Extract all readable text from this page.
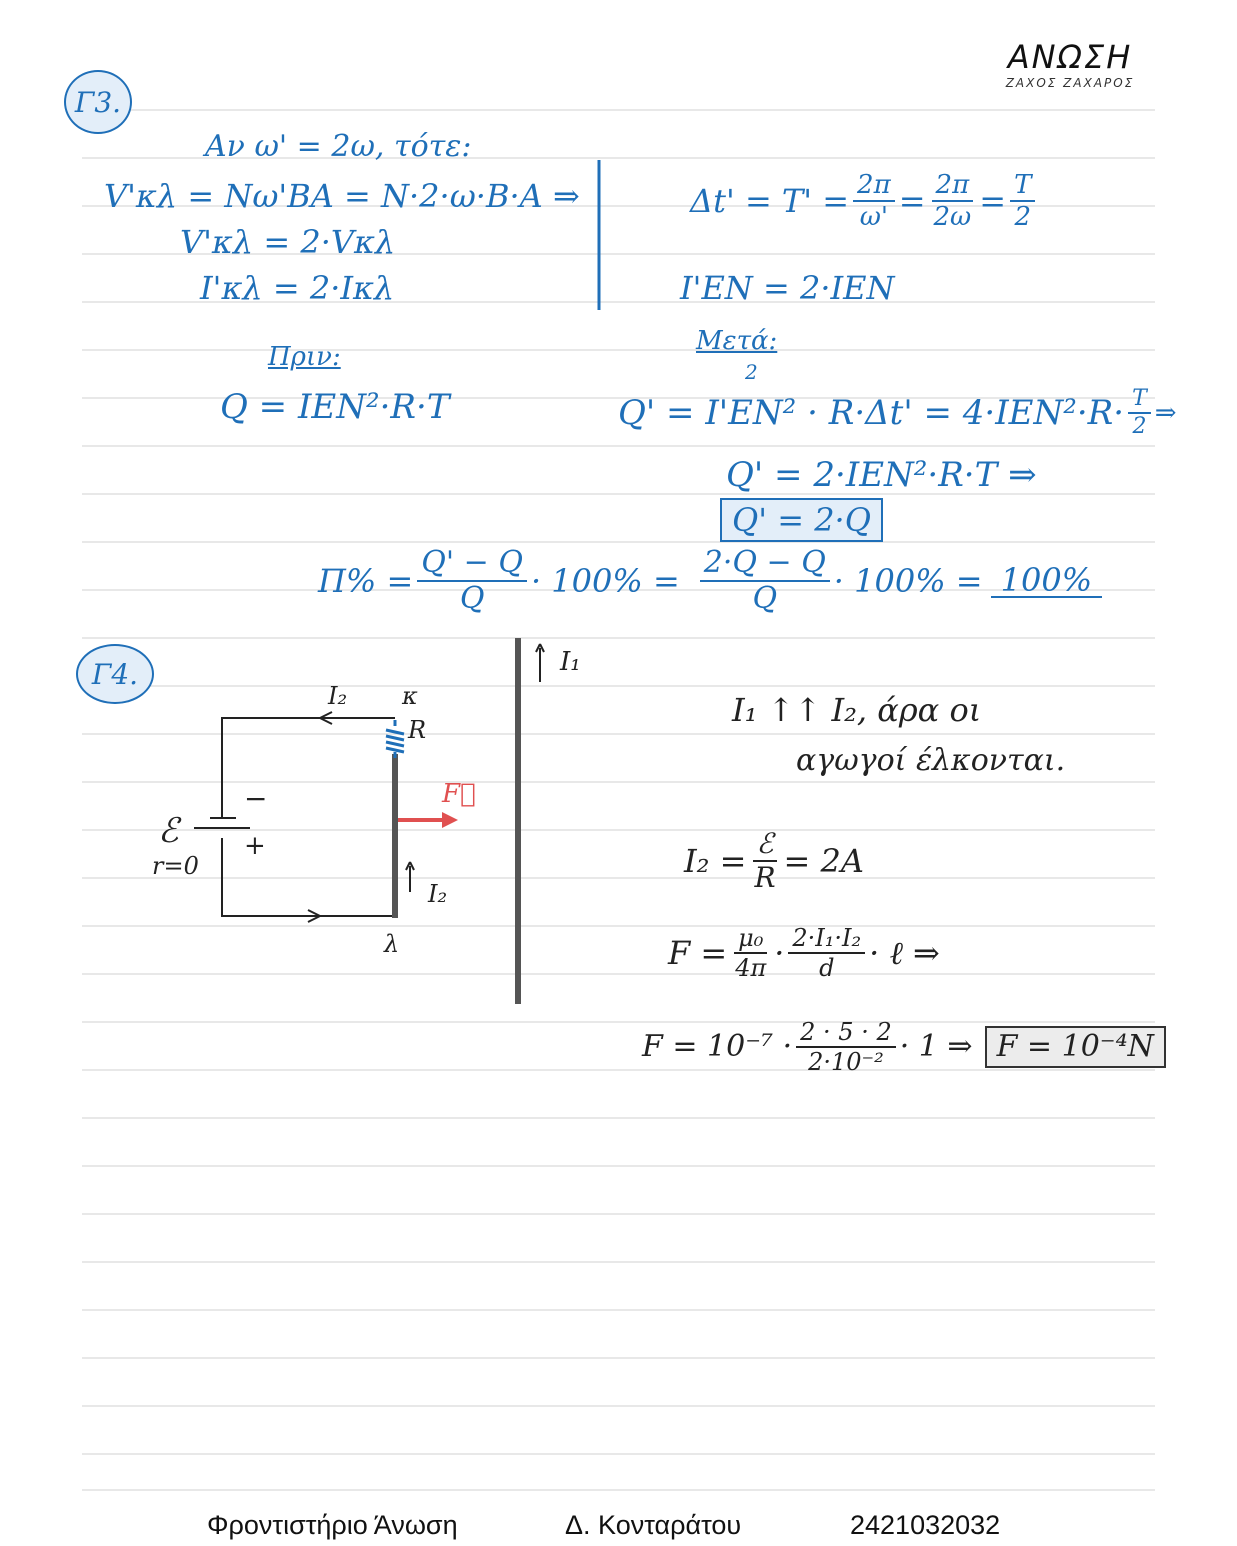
ΑΝΩΣΗ
ΖΑΧΟΣ ΖΑΧΑΡΟΣ
Γ3.
Αν ω' = 2ω, τότε:
V'κλ = Nω'BA = N·2·ω·B·A ⇒
V'κλ = 2·Vκλ
I'κλ = 2·Iκλ
$\Delta t' = T' = \frac{2\pi}{\omega'} = \frac{2\pi}{2\omega} = \frac{T}{2}$
I'EN = 2·IEN
Πριν:
Q = IEN²·R·T
Μετά:
2
$Q' = I'EN^2 \cdot R\cdot\Delta t' = 4\cdot IEN^2\cdot R\cdot \frac{T}{2}$ ⇒
Q' = 2·IEN²·R·T ⇒
Q' = 2·Q
$\Pi\% = \frac{Q' - Q}{Q} \cdot 100\% = \frac{2\cdot Q - Q}{Q} \cdot 100\% = 100\%$
Γ4.
I₂ κ
R
F⃗
ℰ
r=0
−
+
I₂
λ
I₁
I₁ ↑↑ I₂, άρα οι
αγωγοί έλκονται.
$I_2 = \frac{\text{ℰ}}{R} = 2A$
$F = \frac{\text{μ₀}}{4\pi} \cdot \frac{\text{2·I₁·I₂}}{d}$ · ℓ ⇒
$F = 10^{-7} \cdot \frac{2 \cdot 5 \cdot 2}{\text{2·10⁻²}} \cdot 1$ ⇒ F = 10⁻⁴N
Φροντιστήριο Άνωση	Δ. Κονταράτου	2421032032
